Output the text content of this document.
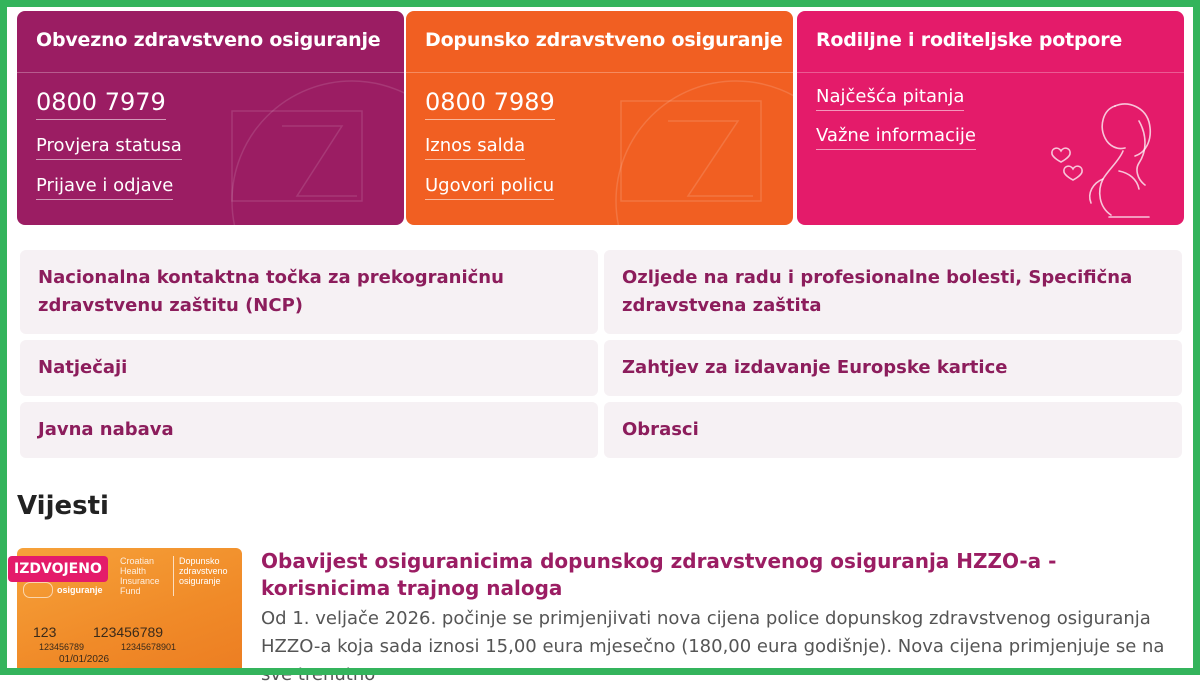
Obvezno zdravstveno osiguranje
0800 7979
Provjera statusa
Prijave i odjave
Dopunsko zdravstveno osiguranje
0800 7989
Iznos salda
Ugovori policu
Rodiljne i roditeljske potpore
Najčešća pitanja
Važne informacije
Nacionalna kontaktna točka za prekograničnu zdravstvenu zaštitu (NCP)
Ozljede na radu i profesionalne bolesti, Specifična zdravstvena zaštita
Natječaji	Zahtjev za izdavanje Europske kartice
Javna nabava	Obrasci
Vijesti
Croatian
Health
Insurance
Fund
Dopunsko
zdravstveno
osiguranje
osiguranje
123	123456789
123456789	12345678901
01/01/2026
IZDVOJENO	Obavijest osiguranicima dopunskog zdravstvenog osiguranja HZZO-a - korisnicima trajnog naloga
Od 1. veljače 2026. počinje se primjenjivati nova cijena police dopunskog zdravstvenog osiguranja HZZO-a koja sada iznosi 15,00 eura mjesečno (180,00 eura godišnje). Nova cijena primjenjuje se na sve trenutno
